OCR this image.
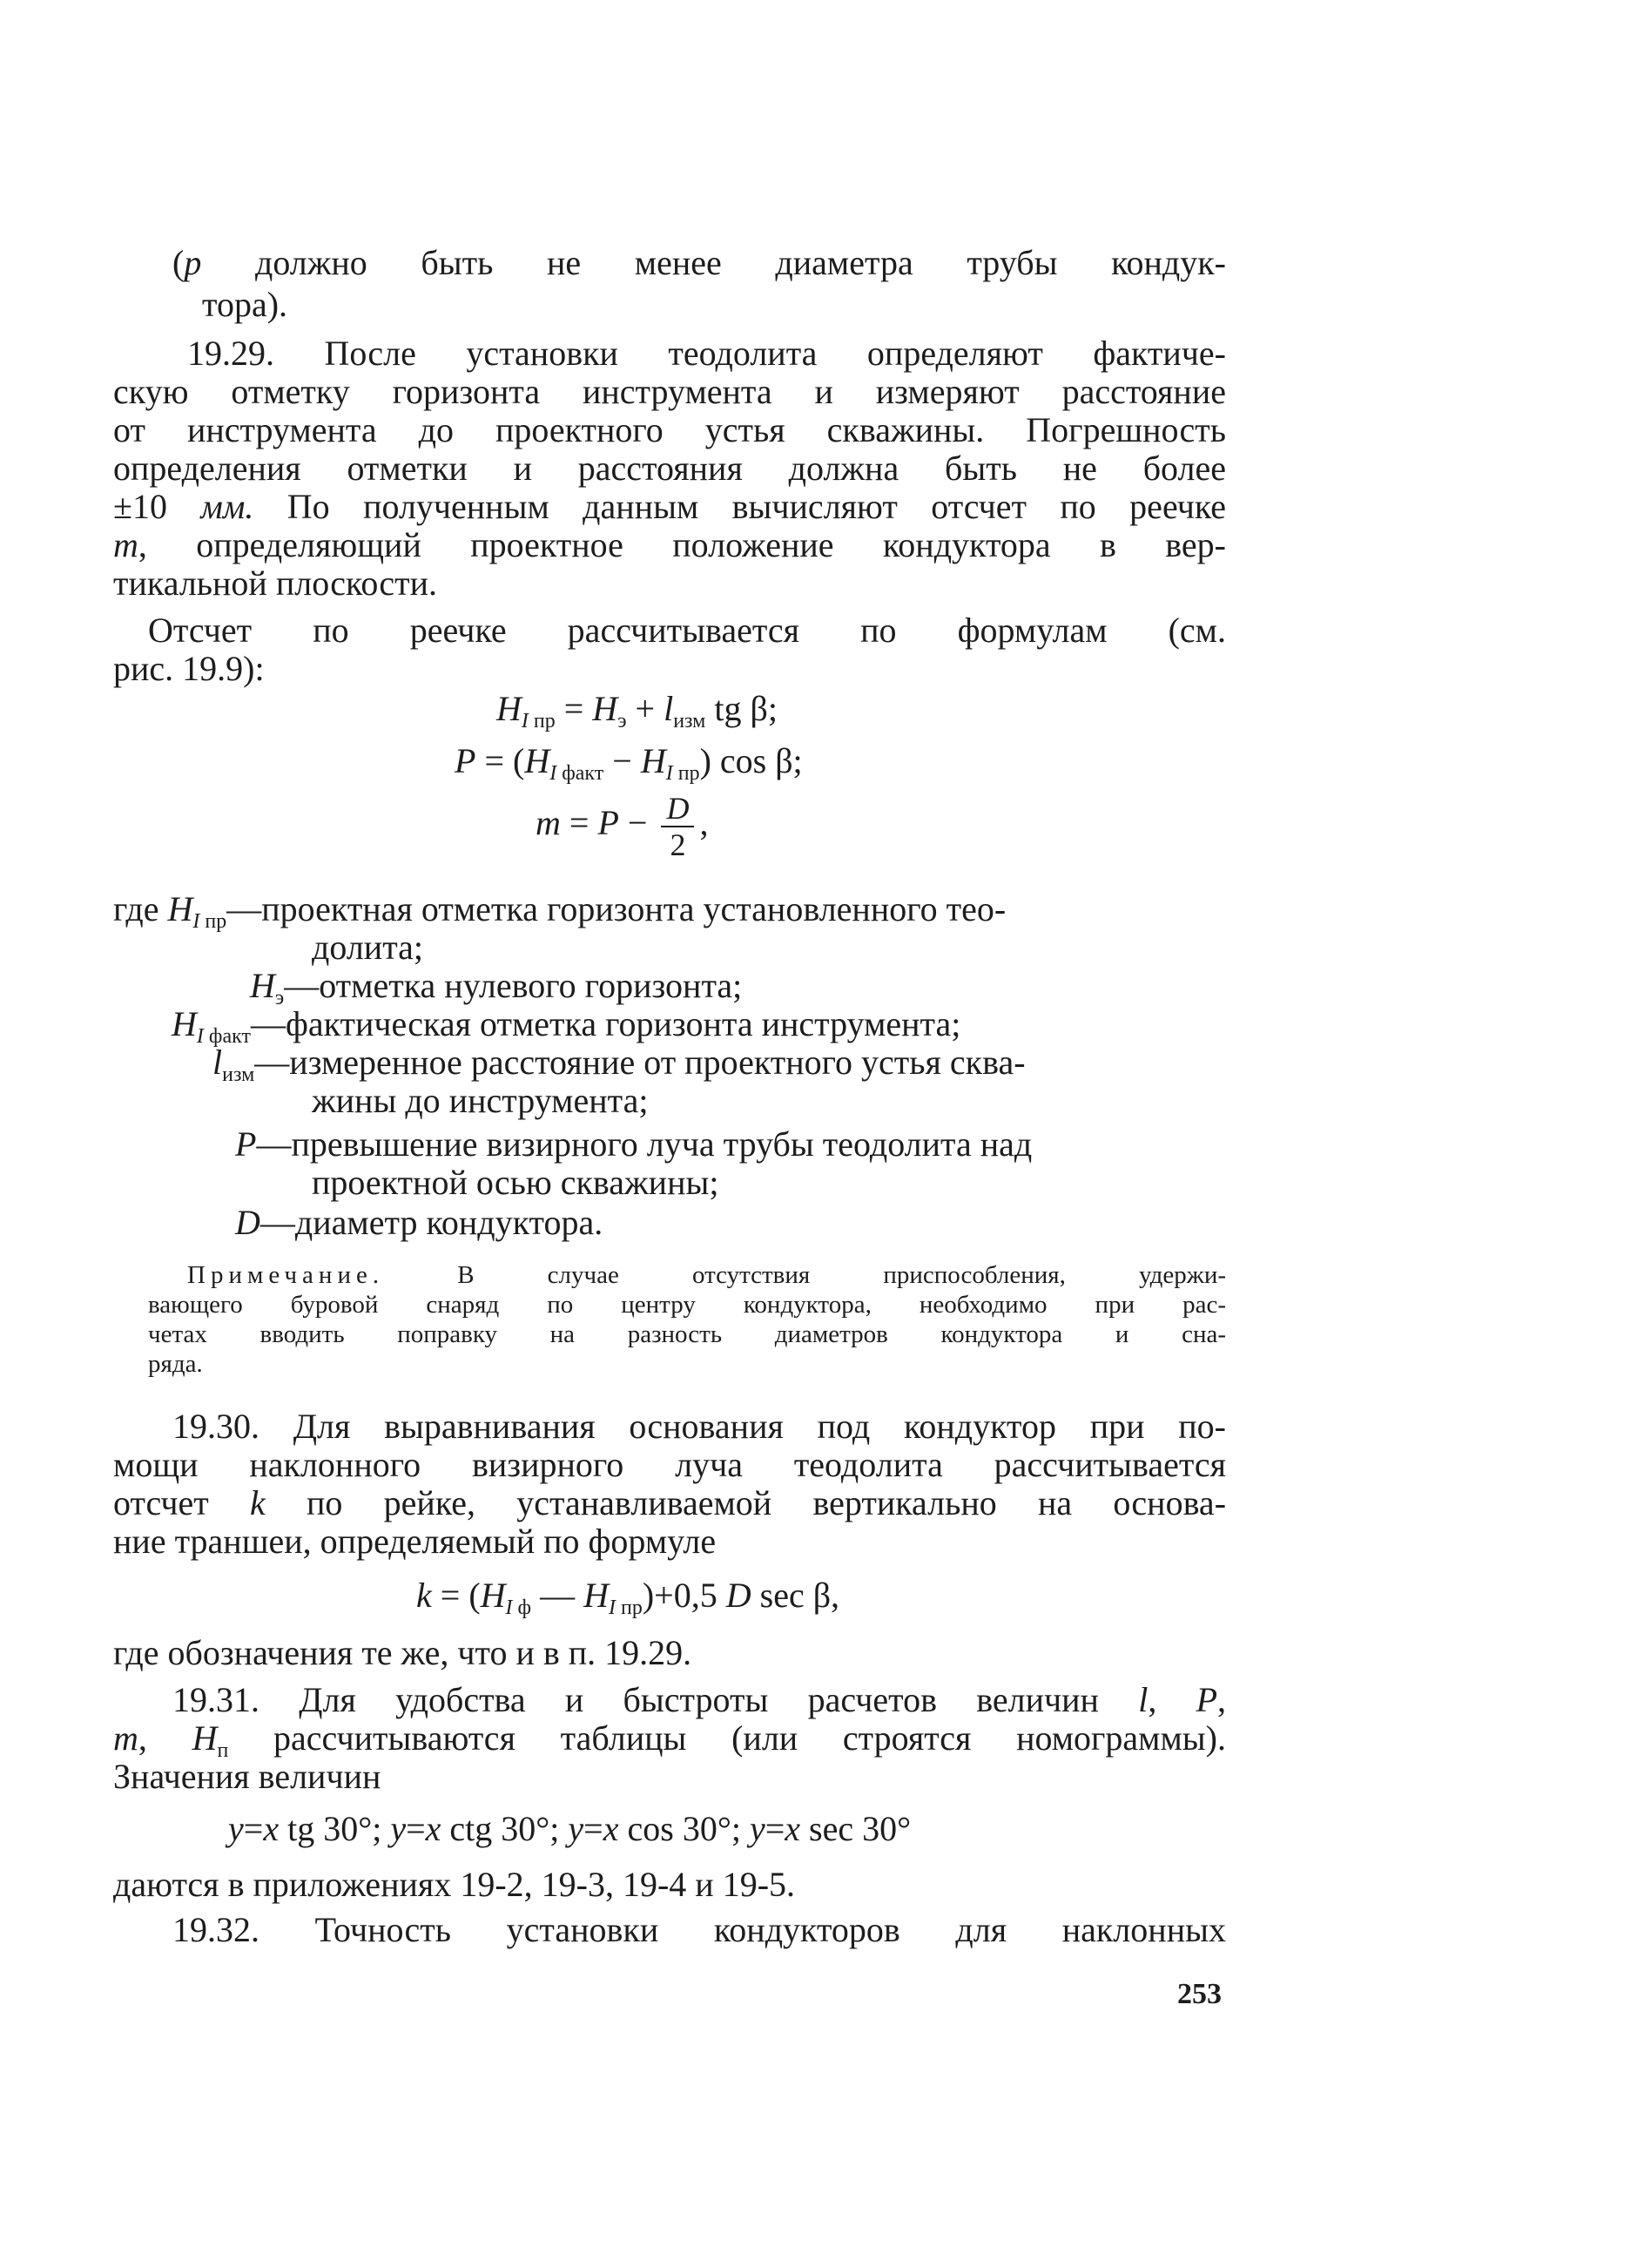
(р должно быть не менее диаметра трубы кондук-
тора).
19.29. После установки теодолита определяют фактиче-
скую отметку горизонта инструмента и измеряют расстояние
от инструмента до проектного устья скважины. Погрешность
определения отметки и расстояния должна быть не более
±10 мм. По полученным данным вычисляют отсчет по реечке
m, определяющий проектное положение кондуктора в вер-
тикальной плоскости.
Отсчет по реечке рассчитывается по формулам (см.
рис. 19.9):
$H_{I пр} = H_э + l_{изм}$ tg β;
$P = (H_{I факт} - H_{I пр})$ cos β;
$m = P - \frac{D}{2}$ ,
где $H_{I пр}—проектная$ отметка горизонта установленного тео-
долита;
$H_э—отметка$ нулевого горизонта;
$H_{I факт}—фактическая$ отметка горизонта инструмента;
$l_{изм}—измеренное$ расстояние от проектного устья сква-
жины до инструмента;
P—превышение визирного луча трубы теодолита над
проектной осью скважины;
D—диаметр кондуктора.
Примечание.	В случае отсутствия приспособления, удержи-
вающего буровой снаряд по центру кондуктора, необходимо при рас-
четах вводить поправку на разность диаметров кондуктора и сна-
ряда.
19.30. Для выравнивания основания под кондуктор при по-
мощи наклонного визирного луча теодолита рассчитывается
отсчет k по рейке, устанавливаемой вертикально на основа-
ние траншеи, определяемый по формуле
$k = (H_{I ф}$ — $H_{I пр})+0,5$ D sec β,
где обозначения те же, что и в п. 19.29.
19.31. Для удобства и быстроты расчетов величин l, P,
m, $H_п$ рассчитываются таблицы (или строятся номограммы).
Значения величин
y=x tg 30°; y=x ctg 30°; y=x cos 30°; y=x sec 30°
даются в приложениях 19-2, 19-3, 19-4 и 19-5.
19.32. Точность установки кондукторов для наклонных
253
